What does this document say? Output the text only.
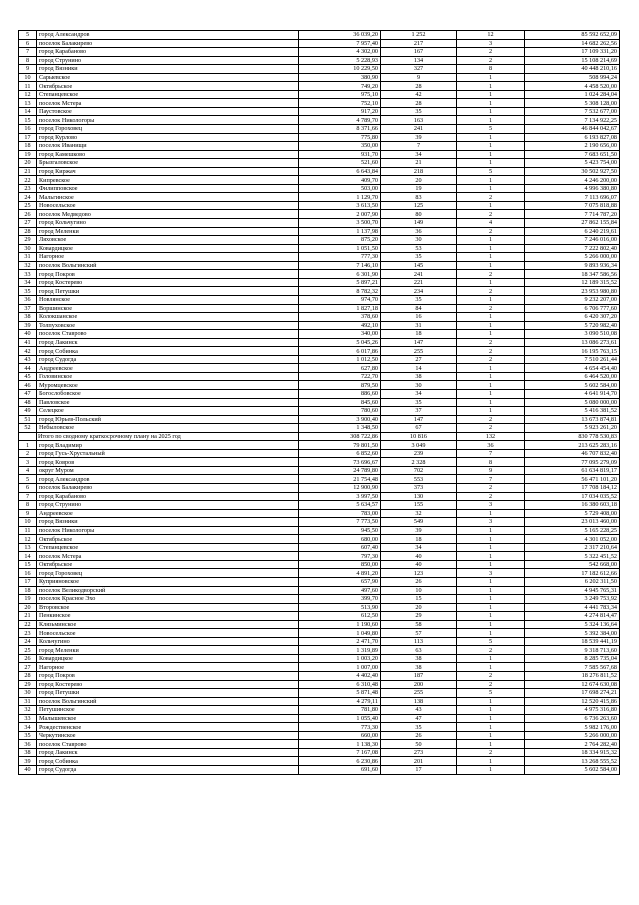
5	город Александров	36 039,20	1 252	12	85 592 652,09
6	поселок Балакирево	7 957,40	217	3	14 682 262,56
7	город Карабаново	4 302,00	167	2	17 109 331,20
8	город Струнино	5 228,93	134	2	15 108 214,69
9	город Вязники	10 229,50	327	8	40 448 210,16
10	Сарыевское	380,90	9	1	508 994,24
11	Октябрьское	749,20	28	1	4 458 520,00
12	Степанцевское	975,10	42	1	1 024 284,04
13	поселок Мстера	752,10	28	1	5 308 128,00
14	Паустовское	917,20	35	1	7 532 677,00
15	поселок Никологоры	4 789,70	163	1	7 134 922,25
16	город Гороховец	8 371,66	241	5	46 844 042,67
17	город Курлово	775,80	39	1	6 193 827,08
18	поселок Иванищи	350,00	7	1	2 190 656,00
19	город Камешково	931,70	34	1	7 683 651,50
20	Брызгаловское	521,60	21	1	5 423 754,00
21	город Киржач	6 643,84	218	5	30 502 927,50
22	Кипревское	409,70	20	1	4 246 200,00
23	Филипповское	503,00	19	1	4 996 380,80
24	Мальгинское	1 129,70	83	2	7 113 696,07
25	Новосельское	3 613,50	125	1	7 075 818,88
26	поселок Медведово	2 007,90	80	2	7 714 787,20
27	город Кольчугино	3 500,70	149	4	27 862 155,84
28	город Меленки	1 137,98	36	2	6 240 219,61
29	Ляховское	875,20	30	1	7 246 016,00
30	Ковардицкое	1 051,50	53	1	7 222 802,40
31	Нагорное	777,30	35	1	5 266 000,00
32	поселок Вольгинский	7 146,10	145	1	9 893 936,34
33	город Покров	6 301,90	241	2	18 347 586,56
34	город Костерево	5 897,21	221	1	12 189 315,52
35	город Петушки	8 782,32	234	2	23 953 980,80
36	Новлянское	974,70	35	1	9 232 207,00
37	Воршинское	1 827,18	84	2	6 706 777,60
38	Колокшанское	378,60	16	1	6 420 307,20
39	Толпуховское	492,10	31	1	5 720 982,40
40	поселок Ставрово	340,00	18	1	3 090 510,08
41	город Лакинск	5 045,26	147	2	13 086 273,61
42	город Собинка	6 017,86	255	2	16 195 763,15
43	город Судогда	1 012,50	27	2	7 510 261,44
44	Андреевское	627,80	14	1	4 654 454,40
45	Головинское	722,70	38	1	6 464 520,00
46	Муромцевское	879,50	30	1	5 602 584,00
47	Богослобовское	886,60	34	1	4 641 914,70
48	Павловское	845,60	35	1	5 080 000,00
49	Селецкое	780,60	37	1	5 416 381,52
51	город Юрьев-Польский	3 900,40	147	2	13 673 874,81
52	Небыловское	1 348,50	67	2	5 923 261,20
	Итого по сводному краткосрочному плану на 2025 год	308 722,86	10 816	132	830 778 530,83
1	город Владимир	79 801,50	3 049	36	213 625 283,16
2	город Гусь-Хрустальный	6 852,60	239	7	46 707 832,40
3	город Ковров	73 696,67	2 328	8	77 095 279,09
4	округ Муром	24 789,80	702	9	61 634 819,17
5	город Александров	21 754,48	553	7	56 471 101,20
6	поселок Балакирево	12 900,90	373	2	17 708 184,12
7	город Карабаново	3 997,50	130	2	17 034 035,52
8	город Струнино	5 634,57	155	3	16 380 603,18
9	Андреевское	783,00	32	1	5 729 408,00
10	город Вязники	7 773,50	549	3	23 013 460,00
11	поселок Никологоры	945,50	39	1	5 165 228,25
12	Октябрьское	680,00	18	1	4 301 052,00
13	Степанцевское	607,40	34	1	2 317 210,64
14	поселок Мстера	797,30	40	1	5 322 451,52
15	Октябрьское	850,00	40	1	542 668,00
16	город Гороховец	4 891,20	123	3	17 182 612,66
17	Куприяновское	657,90	26	1	6 202 311,50
18	поселок Великодворский	497,60	10	1	4 945 765,31
19	поселок Красное Эхо	399,70	15	1	3 249 753,92
20	Второвское	513,90	20	1	4 441 783,34
21	Пенкинское	612,50	29	1	4 274 814,47
22	Клязьминское	1 190,60	58	1	5 324 136,64
23	Новосельское	1 049,80	57	1	5 392 384,00
24	Кольчугино	2 471,70	113	5	18 539 441,19
25	город Меленки	1 319,89	63	2	9 318 713,60
26	Ковардицкое	1 003,20	38	1	8 285 735,04
27	Нагорное	1 007,00	38	1	7 585 567,68
28	город Покров	4 402,40	187	2	18 276 811,52
29	город Костерево	6 310,48	200	2	12 674 630,08
30	город Петушки	5 871,48	255	5	17 698 274,21
31	поселок Вольгинский	4 279,11	138	1	12 520 415,86
32	Петушинское	781,80	43	1	4 975 316,80
33	Малышевское	1 055,40	47	1	6 736 263,60
34	Рождественское	773,30	35	1	5 982 176,00
35	Черкутинское	660,00	26	1	5 266 000,00
36	поселок Ставрово	1 138,30	50	1	2 764 282,40
38	город Лакинск	7 167,08	273	2	18 334 915,32
39	город Собинка	6 230,86	201	1	13 268 555,52
40	город Судогда	691,60	17	1	5 602 584,00
